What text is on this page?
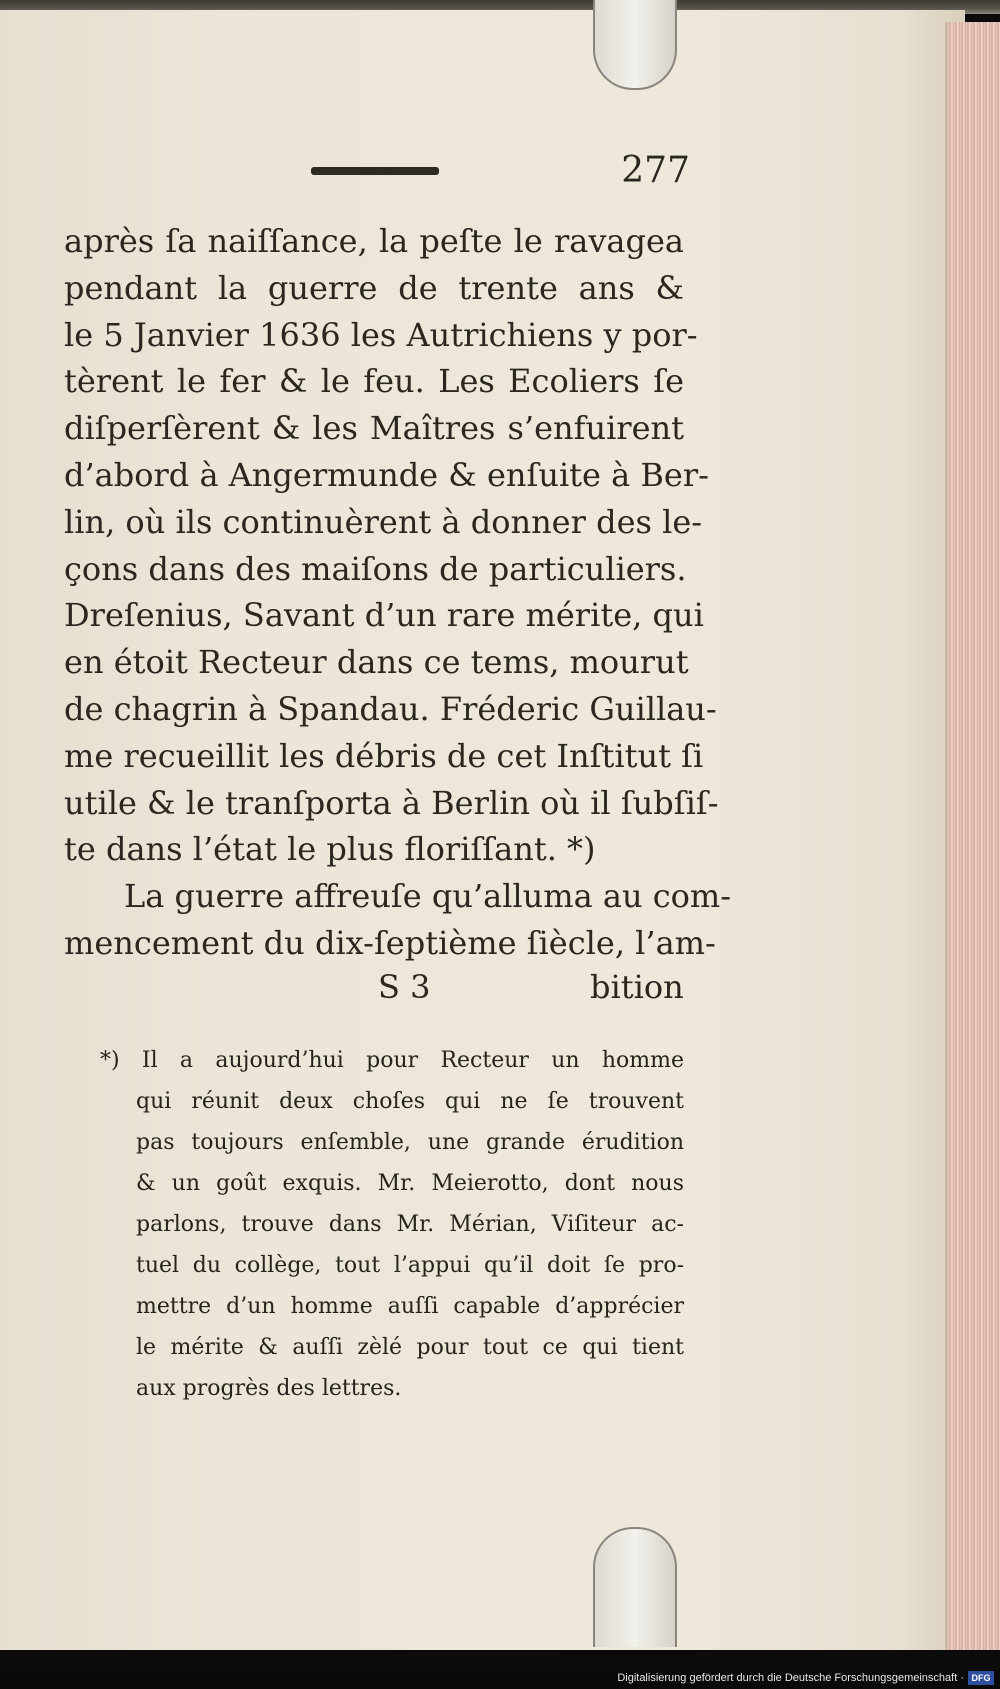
277
après ſa naiſſance, la peſte le ravagea
pendant la guerre de trente ans &
le 5 Janvier 1636 les Autrichiens y por-
tèrent le fer & le feu. Les Ecoliers ſe
diſperſèrent & les Maîtres s’enfuirent
d’abord à Angermunde & enſuite à Ber-
lin, où ils continuèrent à donner des le-
çons dans des maiſons de particuliers.
Dreſenius, Savant d’un rare mérite, qui
en étoit Recteur dans ce tems, mourut
de chagrin à Spandau. Fréderic Guillau-
me recueillit les débris de cet Inſtitut ſi
utile & le tranſporta à Berlin où il ſubſiſ-
te dans l’état le plus floriſſant. *)
La guerre affreuſe qu’alluma au com-
mencement du dix-ſeptième ſiècle, l’am-
S 3	bition
*) Il a aujourd’hui pour Recteur un homme
qui réunit deux choſes qui ne ſe trouvent
pas toujours enſemble, une grande érudition
& un goût exquis. Mr. Meierotto, dont nous
parlons, trouve dans Mr. Mérian, Viſiteur ac-
tuel du collège, tout l’appui qu’il doit ſe pro-
mettre d’un homme auſſi capable d’apprécier
le mérite & auſſi zèlé pour tout ce qui tient
aux progrès des lettres.
Digitalisierung gefördert durch die Deutsche Forschungsgemeinschaft · DFG
